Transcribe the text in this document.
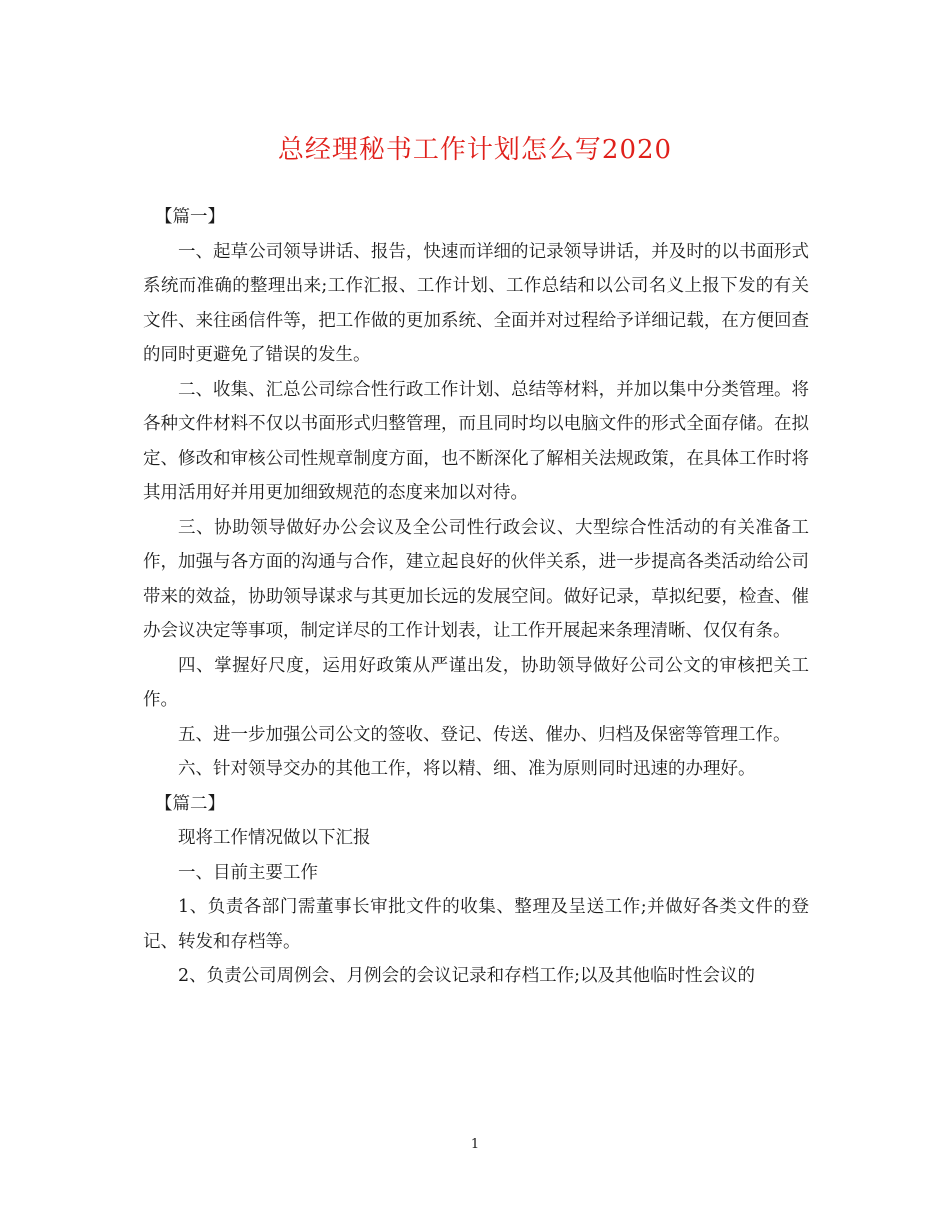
总经理秘书工作计划怎么写2020

【篇一】

一、起草公司领导讲话、报告，快速而详细的记录领导讲话，并及时的以书面形式系统而准确的整理出来;工作汇报、工作计划、工作总结和以公司名义上报下发的有关文件、来往函信件等，把工作做的更加系统、全面并对过程给予详细记载，在方便回查的同时更避免了错误的发生。

二、收集、汇总公司综合性行政工作计划、总结等材料，并加以集中分类管理。将各种文件材料不仅以书面形式归整管理，而且同时均以电脑文件的形式全面存储。在拟定、修改和审核公司性规章制度方面，也不断深化了解相关法规政策，在具体工作时将其用活用好并用更加细致规范的态度来加以对待。

三、协助领导做好办公会议及全公司性行政会议、大型综合性活动的有关准备工作，加强与各方面的沟通与合作，建立起良好的伙伴关系，进一步提高各类活动给公司带来的效益，协助领导谋求与其更加长远的发展空间。做好记录，草拟纪要，检查、催办会议决定等事项，制定详尽的工作计划表，让工作开展起来条理清晰、仅仅有条。

四、掌握好尺度，运用好政策从严谨出发，协助领导做好公司公文的审核把关工作。

五、进一步加强公司公文的签收、登记、传送、催办、归档及保密等管理工作。

六、针对领导交办的其他工作，将以精、细、准为原则同时迅速的办理好。

【篇二】

现将工作情况做以下汇报

一、目前主要工作

1、负责各部门需董事长审批文件的收集、整理及呈送工作;并做好各类文件的登记、转发和存档等。

2、负责公司周例会、月例会的会议记录和存档工作;以及其他临时性会议的

1
